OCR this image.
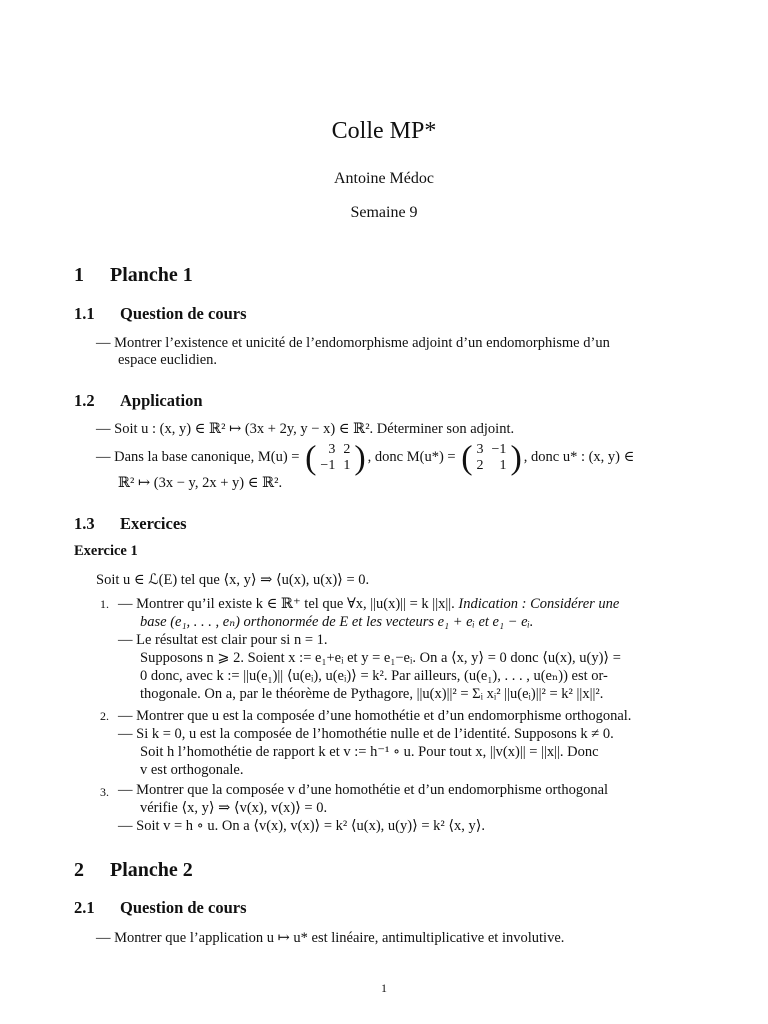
Colle MP*
Antoine Médoc
Semaine 9
1 Planche 1
1.1 Question de cours
— Montrer l’existence et unicité de l’endomorphisme adjoint d’un endomorphisme d’un
espace euclidien.
1.2 Application
— Soit u : (x, y) ∈ ℝ² ↦ (3x + 2y, y − x) ∈ ℝ². Déterminer son adjoint.
— Dans la base canonique, M(u) = ( 3	2
−1	1 ) , donc M(u*) = ( 3	−1
2	1 ) , donc u* : (x, y) ∈
ℝ² ↦ (3x − y, 2x + y) ∈ ℝ².
1.3 Exercices
Exercice 1
Soit u ∈ ℒ(E) tel que ⟨x, y⟩ ⇒ ⟨u(x), u(x)⟩ = 0.
1. — Montrer qu’il existe k ∈ ℝ⁺ tel que ∀x, ||u(x)|| = k ||x||. Indication : Considérer une
base (e₁, . . . , eₙ) orthonormée de E et les vecteurs e₁ + eᵢ et e₁ − eᵢ.
— Le résultat est clair pour si n = 1.
Supposons n ⩾ 2. Soient x := e₁+eᵢ et y = e₁−eᵢ. On a ⟨x, y⟩ = 0 donc ⟨u(x), u(y)⟩ =
0 donc, avec k := ||u(e₁)|| ⟨u(eᵢ), u(eᵢ)⟩ = k². Par ailleurs, (u(e₁), . . . , u(eₙ)) est or-
thogonale. On a, par le théorème de Pythagore, ||u(x)||² = Σᵢ xᵢ² ||u(eᵢ)||² = k² ||x||².
2. — Montrer que u est la composée d’une homothétie et d’un endomorphisme orthogonal.
— Si k = 0, u est la composée de l’homothétie nulle et de l’identité. Supposons k ≠ 0.
Soit h l’homothétie de rapport k et v := h⁻¹ ∘ u. Pour tout x, ||v(x)|| = ||x||. Donc
v est orthogonale.
3. — Montrer que la composée v d’une homothétie et d’un endomorphisme orthogonal
vérifie ⟨x, y⟩ ⇒ ⟨v(x), v(x)⟩ = 0.
— Soit v = h ∘ u. On a ⟨v(x), v(x)⟩ = k² ⟨u(x), u(y)⟩ = k² ⟨x, y⟩.
2 Planche 2
2.1 Question de cours
— Montrer que l’application u ↦ u* est linéaire, antimultiplicative et involutive.
1
